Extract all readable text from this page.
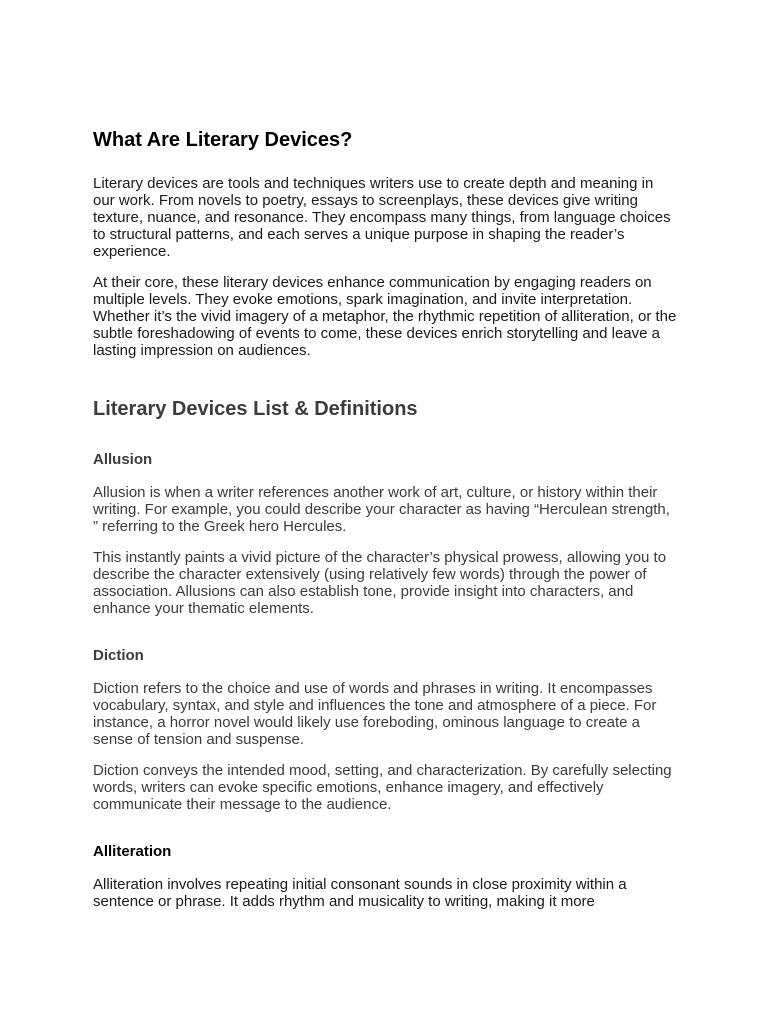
What Are Literary Devices?

Literary devices are tools and techniques writers use to create depth and meaning in our work. From novels to poetry, essays to screenplays, these devices give writing texture, nuance, and resonance. They encompass many things, from language choices to structural patterns, and each serves a unique purpose in shaping the reader’s experience.

At their core, these literary devices enhance communication by engaging readers on multiple levels. They evoke emotions, spark imagination, and invite interpretation. Whether it’s the vivid imagery of a metaphor, the rhythmic repetition of alliteration, or the subtle foreshadowing of events to come, these devices enrich storytelling and leave a lasting impression on audiences.

Literary Devices List & Definitions
Allusion

Allusion is when a writer references another work of art, culture, or history within their writing. For example, you could describe your character as having “Herculean strength, ” referring to the Greek hero Hercules.

This instantly paints a vivid picture of the character’s physical prowess, allowing you to describe the character extensively (using relatively few words) through the power of association. Allusions can also establish tone, provide insight into characters, and enhance your thematic elements.

Diction

Diction refers to the choice and use of words and phrases in writing. It encompasses vocabulary, syntax, and style and influences the tone and atmosphere of a piece. For instance, a horror novel would likely use foreboding, ominous language to create a sense of tension and suspense.

Diction conveys the intended mood, setting, and characterization. By carefully selecting words, writers can evoke specific emotions, enhance imagery, and effectively communicate their message to the audience.

Alliteration

Alliteration involves repeating initial consonant sounds in close proximity within a sentence or phrase. It adds rhythm and musicality to writing, making it more
